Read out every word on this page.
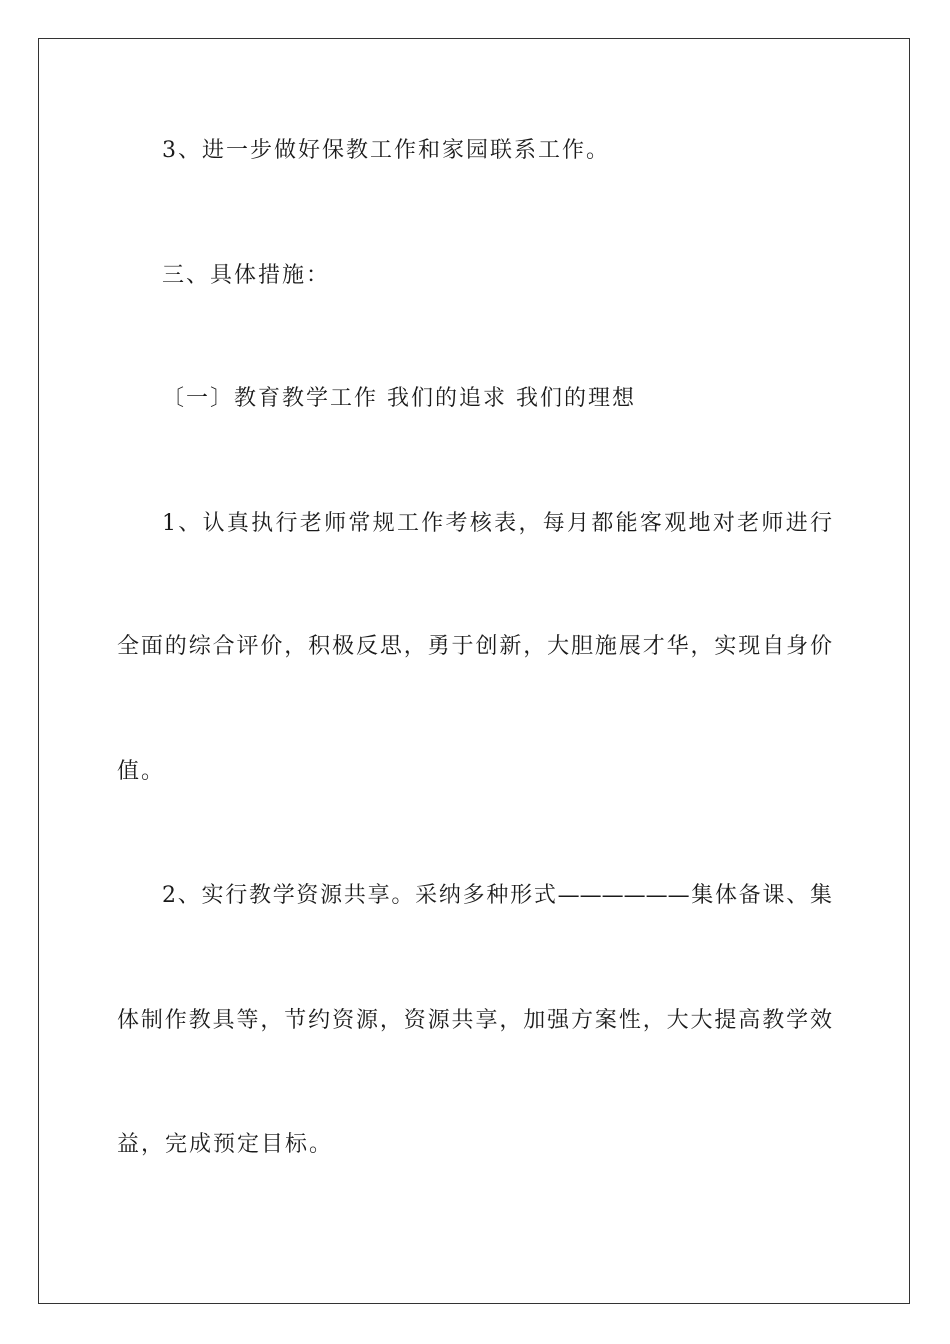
3、进一步做好保教工作和家园联系工作。
三、具体措施：
〔一〕教育教学工作 我们的追求 我们的理想
1、认真执行老师常规工作考核表，每月都能客观地对老师进行
全面的综合评价，积极反思，勇于创新，大胆施展才华，实现自身价
值。
2、实行教学资源共享。采纳多种形式——————集体备课、集
体制作教具等，节约资源，资源共享，加强方案性，大大提高教学效
益，完成预定目标。
